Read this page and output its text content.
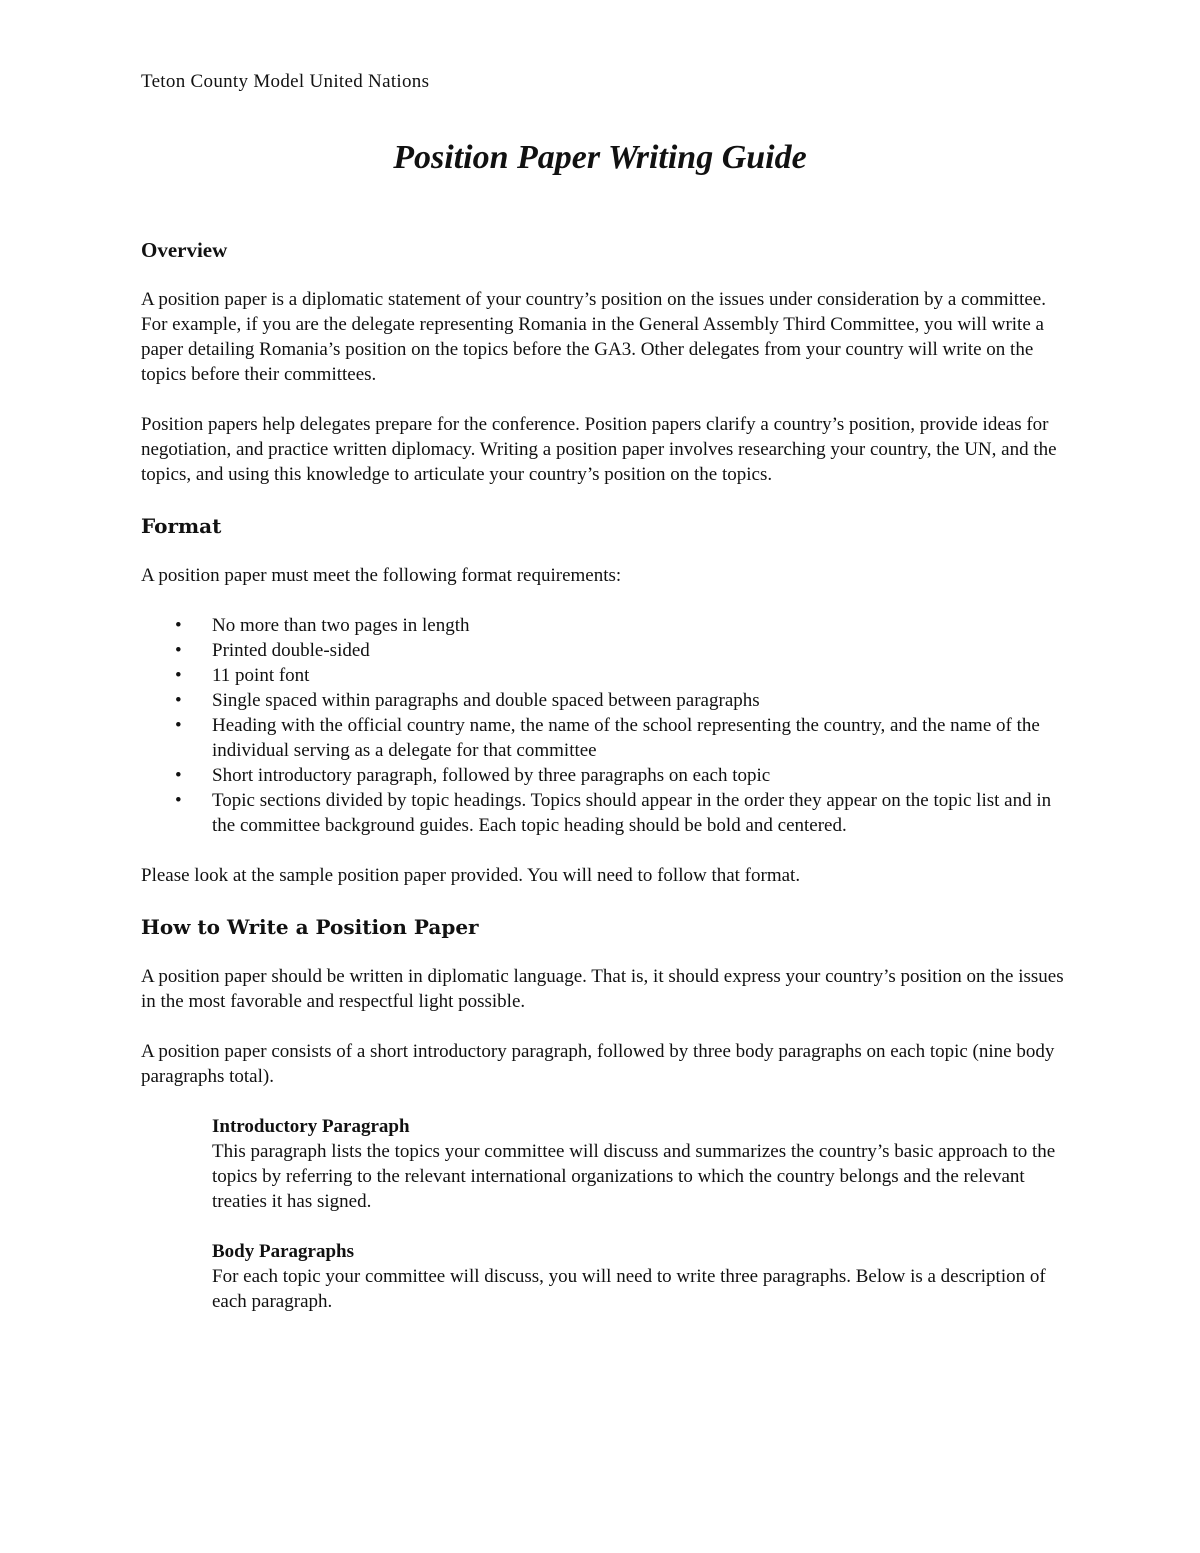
Teton County Model United Nations
Position Paper Writing Guide
Overview

A position paper is a diplomatic statement of your country’s position on the issues under consideration by a committee. For example, if you are the delegate representing Romania in the General Assembly Third Committee, you will write a paper detailing Romania’s position on the topics before the GA3. Other delegates from your country will write on the topics before their committees.

Position papers help delegates prepare for the conference. Position papers clarify a country’s position, provide ideas for negotiation, and practice written diplomacy. Writing a position paper involves researching your country, the UN, and the topics, and using this knowledge to articulate your country’s position on the topics.

Format

A position paper must meet the following format requirements:

• No more than two pages in length
• Printed double-sided
• 11 point font
• Single spaced within paragraphs and double spaced between paragraphs
• Heading with the official country name, the name of the school representing the country, and the name of the individual serving as a delegate for that committee
• Short introductory paragraph, followed by three paragraphs on each topic
• Topic sections divided by topic headings. Topics should appear in the order they appear on the topic list and in the committee background guides. Each topic heading should be bold and centered.

Please look at the sample position paper provided. You will need to follow that format.

How to Write a Position Paper

A position paper should be written in diplomatic language. That is, it should express your country’s position on the issues in the most favorable and respectful light possible.

A position paper consists of a short introductory paragraph, followed by three body paragraphs on each topic (nine body paragraphs total).

Introductory Paragraph

This paragraph lists the topics your committee will discuss and summarizes the country’s basic approach to the topics by referring to the relevant international organizations to which the country belongs and the relevant treaties it has signed.

Body Paragraphs

For each topic your committee will discuss, you will need to write three paragraphs. Below is a description of each paragraph.
